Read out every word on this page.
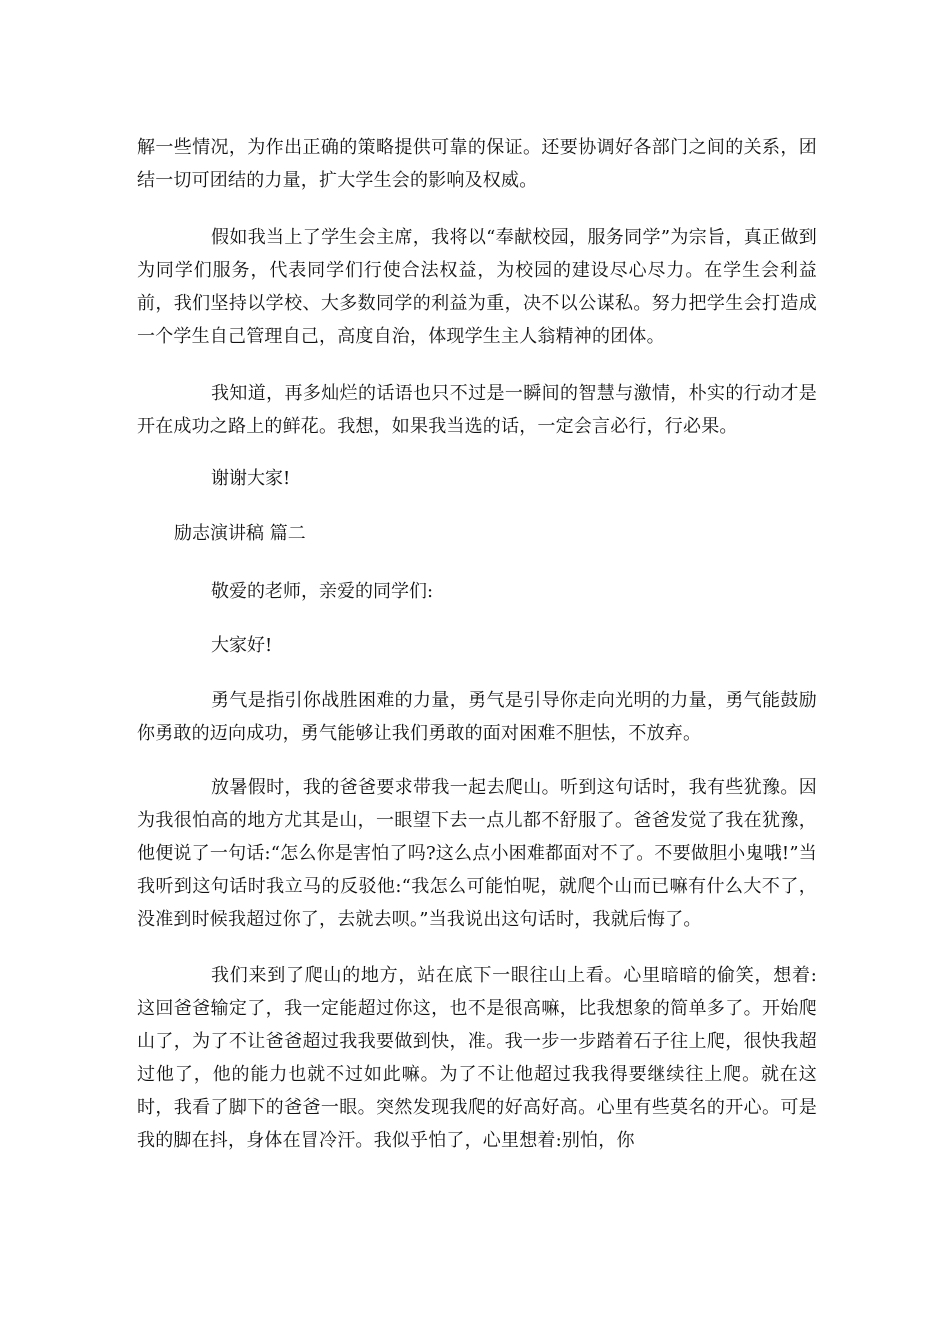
解一些情况，为作出正确的策略提供可靠的保证。还要协调好各部门之间的关系，团结一切可团结的力量，扩大学生会的影响及权威。

假如我当上了学生会主席，我将以“奉献校园，服务同学”为宗旨，真正做到为同学们服务，代表同学们行使合法权益，为校园的建设尽心尽力。在学生会利益前，我们坚持以学校、大多数同学的利益为重，决不以公谋私。努力把学生会打造成一个学生自己管理自己，高度自治，体现学生主人翁精神的团体。

我知道，再多灿烂的话语也只不过是一瞬间的智慧与激情，朴实的行动才是开在成功之路上的鲜花。我想，如果我当选的话，一定会言必行，行必果。

谢谢大家!

励志演讲稿 篇二

敬爱的老师，亲爱的同学们:

大家好!

勇气是指引你战胜困难的力量，勇气是引导你走向光明的力量，勇气能鼓励你勇敢的迈向成功，勇气能够让我们勇敢的面对困难不胆怯，不放弃。

放暑假时，我的爸爸要求带我一起去爬山。听到这句话时，我有些犹豫。因为我很怕高的地方尤其是山，一眼望下去一点儿都不舒服了。爸爸发觉了我在犹豫，他便说了一句话:“怎么你是害怕了吗?这么点小困难都面对不了。不要做胆小鬼哦!”当我听到这句话时我立马的反驳他:“我怎么可能怕呢，就爬个山而已嘛有什么大不了，没准到时候我超过你了，去就去呗。”当我说出这句话时，我就后悔了。

我们来到了爬山的地方，站在底下一眼往山上看。心里暗暗的偷笑，想着:这回爸爸输定了，我一定能超过你这，也不是很高嘛，比我想象的简单多了。开始爬山了，为了不让爸爸超过我我要做到快，准。我一步一步踏着石子往上爬，很快我超过他了，他的能力也就不过如此嘛。为了不让他超过我我得要继续往上爬。就在这时，我看了脚下的爸爸一眼。突然发现我爬的好高好高。心里有些莫名的开心。可是我的脚在抖，身体在冒冷汗。我似乎怕了，心里想着:别怕，你
